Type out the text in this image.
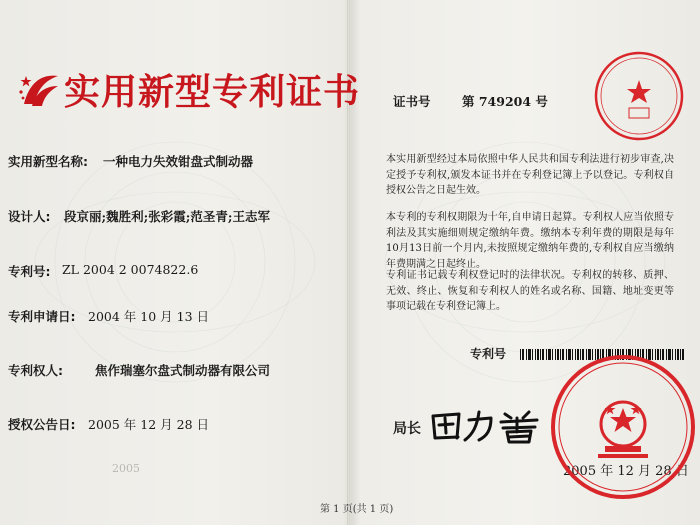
实用新型专利证书
实用新型名称: 一种电力失效钳盘式制动器
设计人: 段京丽;魏胜利;张彩霞;范圣青;王志军
专利号: ZL 2004 2 0074822.6
专利申请日: 2004 年 10 月 13 日
专利权人:	焦作瑞塞尔盘式制动器有限公司
授权公告日: 2005 年 12 月 28 日
2005
证书号	第 749204 号
本实用新型经过本局依照中华人民共和国专利法进行初步审查,决定授予专利权,颁发本证书并在专利登记簿上予以登记。专利权自授权公告之日起生效。
本专利的专利权期限为十年,自申请日起算。专利权人应当依照专利法及其实施细则规定缴纳年费。缴纳本专利年费的期限是每年10月13日前一个月内,未按照规定缴纳年费的,专利权自应当缴纳年费期满之日起终止。
专利证书记载专利权登记时的法律状况。专利权的转移、质押、无效、终止、恢复和专利权人的姓名或名称、国籍、地址变更等事项记载在专利登记簿上。
专利号
局长
2005 年 12 月 28 日
第 1 页(共 1 页)
